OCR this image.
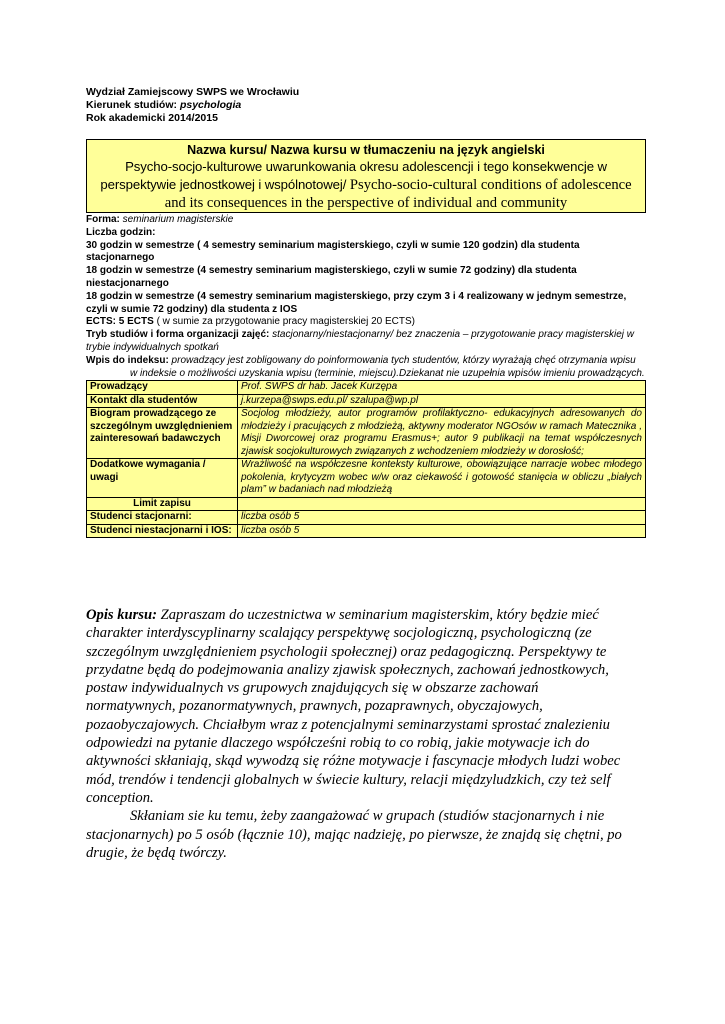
Wydział Zamiejscowy SWPS we Wrocławiu
Kierunek studiów: psychologia
Rok akademicki 2014/2015
Nazwa kursu/ Nazwa kursu w tłumaczeniu na język angielski
Psycho-socjo-kulturowe uwarunkowania okresu adolescencji i tego konsekwencje w perspektywie jednostkowej i wspólnotowej/ Psycho-socio-cultural conditions of adolescence and its consequences in the perspective of individual and community
Forma: seminarium magisterskie
Liczba godzin:
30 godzin w semestrze ( 4 semestry seminarium magisterskiego, czyli w sumie 120 godzin) dla studenta stacjonarnego
18 godzin w semestrze (4 semestry seminarium magisterskiego, czyli w sumie 72 godziny) dla studenta niestacjonarnego
18 godzin w semestrze (4 semestry seminarium magisterskiego, przy czym 3 i 4 realizowany w jednym semestrze, czyli w sumie 72 godziny) dla studenta z IOS
ECTS: 5 ECTS ( w sumie za przygotowanie pracy magisterskiej 20 ECTS)
Tryb studiów i forma organizacji zajęć: stacjonarny/niestacjonarny/ bez znaczenia – przygotowanie pracy magisterskiej w trybie indywidualnych spotkań
Wpis do indeksu: prowadzący jest zobligowany do poinformowania tych studentów, którzy wyrażają chęć otrzymania wpisu
w indeksie o możliwości uzyskania wpisu (terminie, miejscu).Dziekanat nie uzupełnia wpisów imieniu prowadzących.
Prowadzący	Prof. SWPS dr hab. Jacek Kurzępa
Kontakt dla studentów	j.kurzepa@swps.edu.pl/ szalupa@wp.pl
Biogram prowadzącego ze szczególnym uwzględnieniem zainteresowań badawczych	Socjolog młodzieży, autor programów profilaktyczno- edukacyjnych adresowanych do młodzieży i pracujących z młodzieżą, aktywny moderator NGOsów w ramach Matecznika , Misji Dworcowej oraz programu Erasmus+; autor 9 publikacji na temat współczesnych zjawisk socjokulturowych związanych z wchodzeniem młodzieży w dorosłość;
Dodatkowe wymagania / uwagi	Wrażliwość na współczesne konteksty kulturowe, obowiązujące narracje wobec młodego pokolenia, krytycyzm wobec w/w oraz ciekawość i gotowość stanięcia w obliczu „białych plam” w badaniach nad młodzieżą
Limit zapisu	
Studenci stacjonarni:	liczba osób 5
Studenci niestacjonarni i IOS:	liczba osób 5

Opis kursu: Zapraszam do uczestnictwa w seminarium magisterskim, który będzie mieć charakter interdyscyplinarny scalający perspektywę socjologiczną, psychologiczną (ze szczególnym uwzględnieniem psychologii społecznej) oraz pedagogiczną. Perspektywy te przydatne będą do podejmowania analizy zjawisk społecznych, zachowań jednostkowych, postaw indywidualnych vs grupowych znajdujących się w obszarze zachowań normatywnych, pozanormatywnych, prawnych, pozaprawnych, obyczajowych, pozaobyczajowych. Chciałbym wraz z potencjalnymi seminarzystami sprostać znalezieniu odpowiedzi na pytanie dlaczego współcześni robią to co robią, jakie motywacje ich do aktywności skłaniają, skąd wywodzą się różne motywacje i fascynacje młodych ludzi wobec mód, trendów i tendencji globalnych w świecie kultury, relacji międzyludzkich, czy też self conception.

Skłaniam sie ku temu, żeby zaangażować w grupach (studiów stacjonarnych i nie stacjonarnych) po 5 osób (łącznie 10), mając nadzieję, po pierwsze, że znajdą się chętni, po drugie, że będą twórczy.
